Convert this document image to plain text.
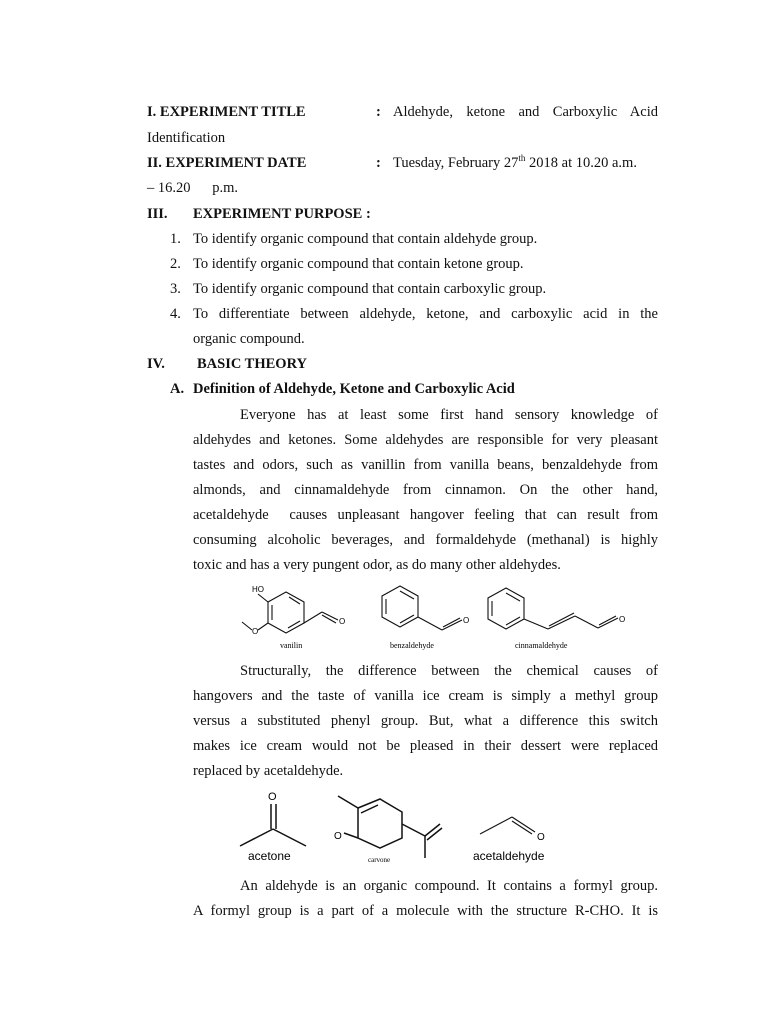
I. EXPERIMENT TITLE	: Aldehyde, ketone and Carboxylic Acid
Identification
II. EXPERIMENT DATE	: Tuesday, February 27th 2018 at 10.20 a.m.
– 16.20      p.m.
III. EXPERIMENT PURPOSE :
1. To identify organic compound that contain aldehyde group.
2. To identify organic compound that contain ketone group.
3. To identify organic compound that contain carboxylic group.
4. To differentiate between aldehyde, ketone, and carboxylic acid in the
organic compound.
IV. BASIC THEORY
A. Definition of Aldehyde, Ketone and Carboxylic Acid
Everyone has at least some first hand sensory knowledge of
aldehydes and ketones. Some aldehydes are responsible for very pleasant
tastes and odors, such as vanillin from vanilla beans, benzaldehyde from
almonds, and cinnamaldehyde from cinnamon. On the other hand,
acetaldehyde  causes unpleasant hangover feeling that can result from
consuming alcoholic beverages, and formaldehyde (methanal) is highly
toxic and has a very pungent odor, as do many other aldehydes.
HO
O
O	O	O
vanilin	benzaldehyde	cinnamaldehyde
Structurally, the difference between the chemical causes of
hangovers and the taste of vanilla ice cream is simply a methyl group
versus a substituted phenyl group. But, what a difference this switch
makes ice cream would not be pleased in their dessert were replaced
replaced by acetaldehyde.
O
O	O
acetone	carvone	acetaldehyde
An aldehyde is an organic compound. It contains a formyl group.
A formyl group is a part of a molecule with the structure R-CHO. It is
